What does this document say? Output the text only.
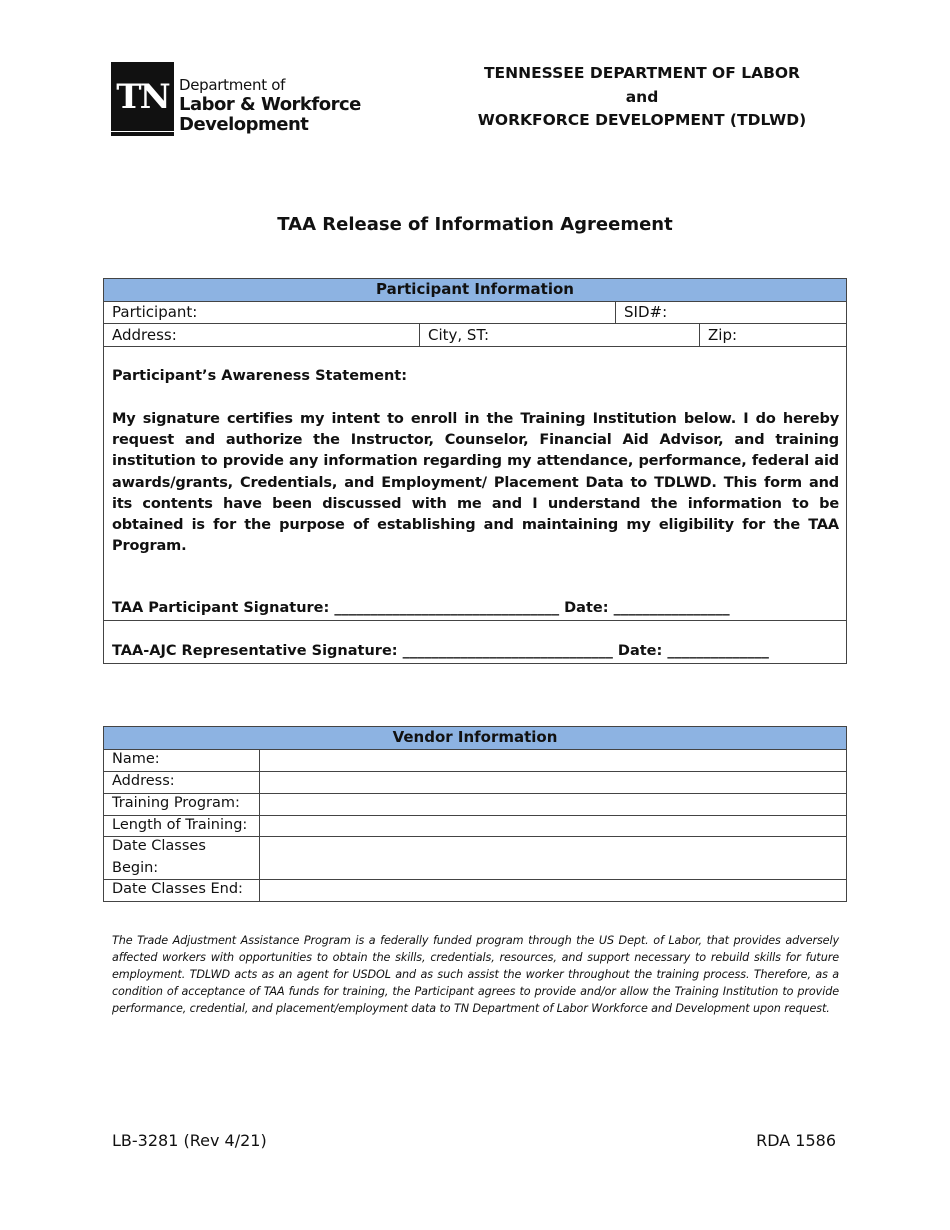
TN Department of
Labor & Workforce
Development
TENNESSEE DEPARTMENT OF LABOR
and
WORKFORCE DEVELOPMENT (TDLWD)
TAA Release of Information Agreement
Participant Information
Participant:	SID#:
Address:	City, ST:	Zip:
Participant’s Awareness Statement:
My signature certifies my intent to enroll in the Training Institution below. I do hereby request and authorize the Instructor, Counselor, Financial Aid Advisor, and training institution to provide any information regarding my attendance, performance, federal aid awards/grants, Credentials, and Employment/ Placement Data to TDLWD. This form and its contents have been discussed with me and I understand the information to be obtained is for the purpose of establishing and maintaining my eligibility for the TAA Program.
TAA Participant Signature: _______________________________ Date: ________________
TAA-AJC Representative Signature: _____________________________ Date: ______________
Vendor Information
Name:
Address:
Training Program:
Length of Training:
Date Classes Begin:
Date Classes End:
The Trade Adjustment Assistance Program is a federally funded program through the US Dept. of Labor, that provides adversely affected workers with opportunities to obtain the skills, credentials, resources, and support necessary to rebuild skills for future employment. TDLWD acts as an agent for USDOL and as such assist the worker throughout the training process. Therefore, as a condition of acceptance of TAA funds for training, the Participant agrees to provide and/or allow the Training Institution to provide performance, credential, and placement/employment data to TN Department of Labor Workforce and Development upon request.
LB-3281 (Rev 4/21)	RDA 1586
